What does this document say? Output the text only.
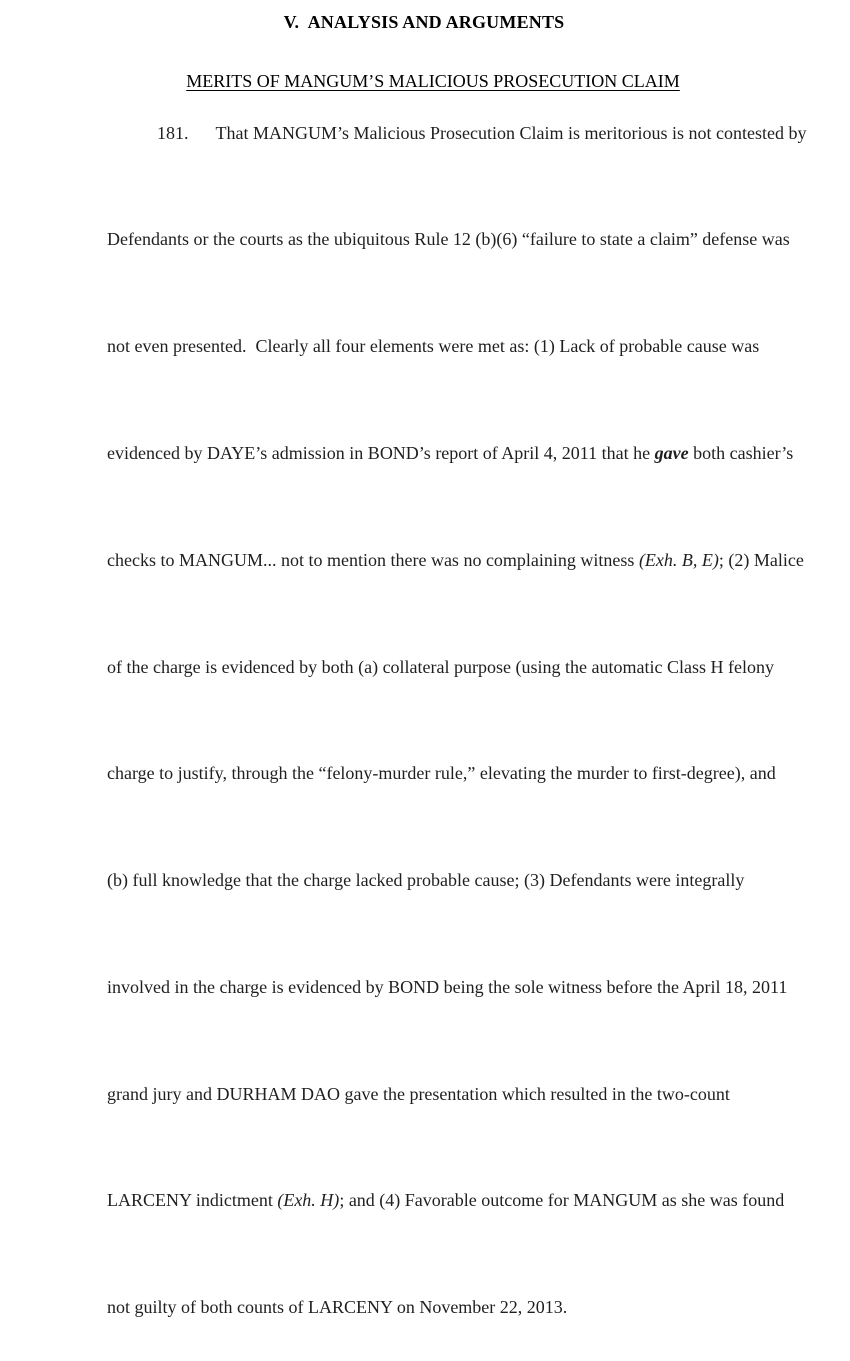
V.  ANALYSIS AND ARGUMENTS

MERITS OF MANGUM’S MALICIOUS PROSECUTION CLAIM

181. That MANGUM’s Malicious Prosecution Claim is meritorious is not contested by

Defendants or the courts as the ubiquitous Rule 12 (b)(6) “failure to state a claim” defense was

not even presented.  Clearly all four elements were met as: (1) Lack of probable cause was

evidenced by DAYE’s admission in BOND’s report of April 4, 2011 that he gave both cashier’s

checks to MANGUM... not to mention there was no complaining witness (Exh. B, E); (2) Malice

of the charge is evidenced by both (a) collateral purpose (using the automatic Class H felony

charge to justify, through the “felony-murder rule,” elevating the murder to first-degree), and

(b) full knowledge that the charge lacked probable cause; (3) Defendants were integrally

involved in the charge is evidenced by BOND being the sole witness before the April 18, 2011

grand jury and DURHAM DAO gave the presentation which resulted in the two-count

LARCENY indictment (Exh. H); and (4) Favorable outcome for MANGUM as she was found

not guilty of both counts of LARCENY on November 22, 2013.
